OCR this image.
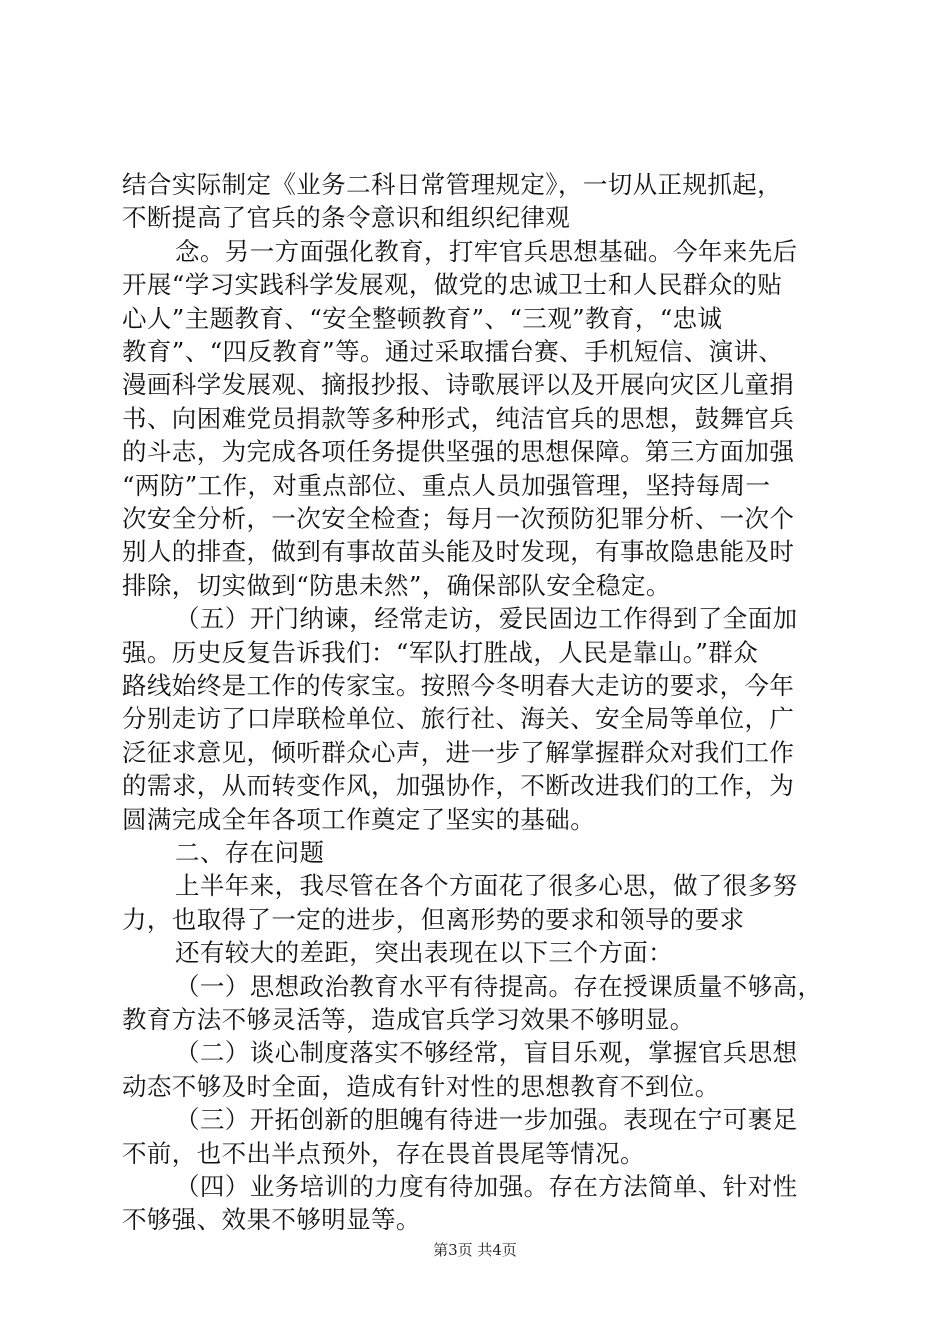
结合实际制定《业务二科日常管理规定》，一切从正规抓起，
不断提高了官兵的条令意识和组织纪律观
念。另一方面强化教育，打牢官兵思想基础。今年来先后
开展“学习实践科学发展观，做党的忠诚卫士和人民群众的贴
心人”主题教育、“安全整顿教育”、“三观”教育，“忠诚
教育”、“四反教育”等。通过采取擂台赛、手机短信、演讲、
漫画科学发展观、摘报抄报、诗歌展评以及开展向灾区儿童捐
书、向困难党员捐款等多种形式，纯洁官兵的思想，鼓舞官兵
的斗志，为完成各项任务提供坚强的思想保障。第三方面加强
“两防”工作，对重点部位、重点人员加强管理，坚持每周一
次安全分析，一次安全检查；每月一次预防犯罪分析、一次个
别人的排查，做到有事故苗头能及时发现，有事故隐患能及时
排除，切实做到“防患未然”，确保部队安全稳定。
（五）开门纳谏，经常走访，爱民固边工作得到了全面加
强。历史反复告诉我们：“军队打胜战，人民是靠山。”群众
路线始终是工作的传家宝。按照今冬明春大走访的要求，今年
分别走访了口岸联检单位、旅行社、海关、安全局等单位，广
泛征求意见，倾听群众心声，进一步了解掌握群众对我们工作
的需求，从而转变作风，加强协作，不断改进我们的工作，为
圆满完成全年各项工作奠定了坚实的基础。
二、存在问题
上半年来，我尽管在各个方面花了很多心思，做了很多努
力，也取得了一定的进步，但离形势的要求和领导的要求
还有较大的差距，突出表现在以下三个方面：
（一）思想政治教育水平有待提高。存在授课质量不够高，
教育方法不够灵活等，造成官兵学习效果不够明显。
（二）谈心制度落实不够经常，盲目乐观，掌握官兵思想
动态不够及时全面，造成有针对性的思想教育不到位。
（三）开拓创新的胆魄有待进一步加强。表现在宁可裹足
不前，也不出半点预外，存在畏首畏尾等情况。
（四）业务培训的力度有待加强。存在方法简单、针对性
不够强、效果不够明显等。
第3页 共4页
